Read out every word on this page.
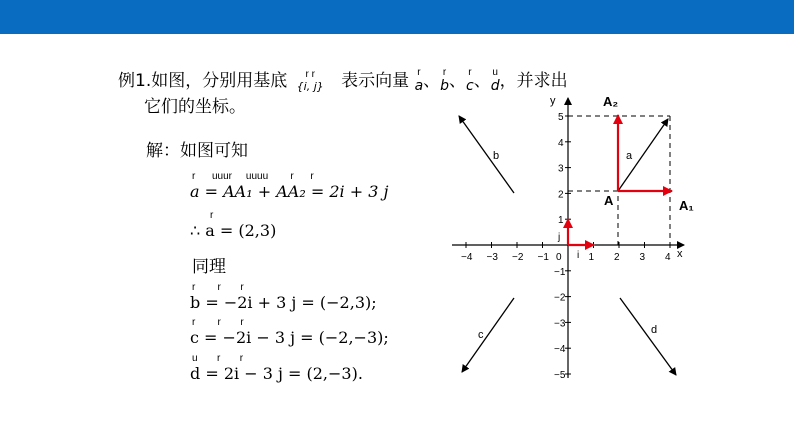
例1.如图，分别用基底	r r
{i, j} 表示向量 r
a 、 r
b 、 r
c 、 u
d ，并求出
它们的坐标。
解：如图可知
r      uuur     uuuu        r      r
a = AA₁ + AA₂ = 2i + 3 j
r
∴ a = (2,3)
同理
r        r       r
b = −2i + 3 j = (−2,3);
r        r       r
c = −2i − 3 j = (−2,−3);
u       r       r
d = 2i − 3 j = (2,−3).
−4 −3 −2 −1 0	1 2 3 4
5
4
3
2
1
−1
−2
−3
−4
−5
a
b
c	d
j
i
A	A₁
A₂
x
y
